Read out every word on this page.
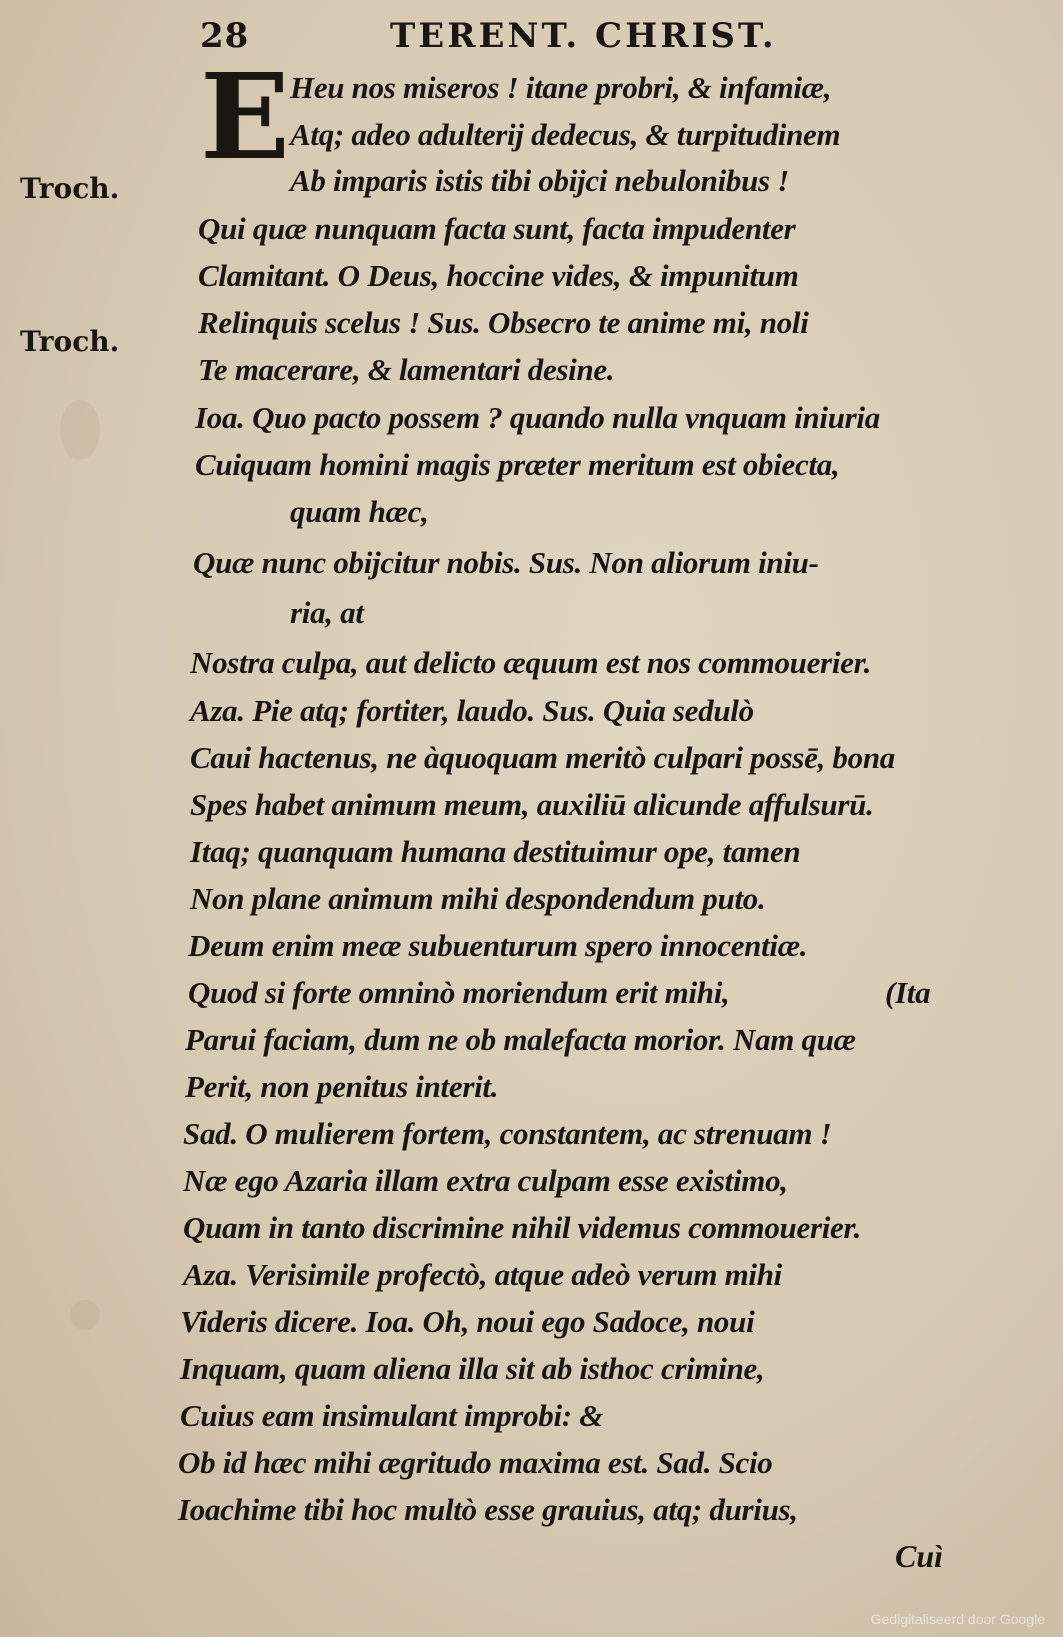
28	TERENT. CHRIST.
E
Troch.
Troch.
Heu nos miseros ! itane probri, & infamiæ,
Atq; adeo adulterij dedecus, & turpitudinem
Ab imparis istis tibi obijci nebulonibus !
Qui quæ nunquam facta sunt, facta impudenter
Clamitant. O Deus, hoccine vides, & impunitum
Relinquis scelus ! Sus. Obsecro te anime mi, noli
Te macerare, & lamentari desine.
Ioa. Quo pacto possem ? quando nulla vnquam iniuria
Cuiquam homini magis præter meritum est obiecta,
quam hæc,
Quæ nunc obijcitur nobis. Sus. Non aliorum iniu-
ria, at
Nostra culpa, aut delicto æquum est nos commouerier.
Aza. Pie atq; fortiter, laudo. Sus. Quia sedulò
Caui hactenus, ne àquoquam meritò culpari possē, bona
Spes habet animum meum, auxiliū alicunde affulsurū.
Itaq; quanquam humana destituimur ope, tamen
Non plane animum mihi despondendum puto.
Deum enim meæ subuenturum spero innocentiæ.
Quod si forte omninò moriendum erit mihi,	(Ita
Parui faciam, dum ne ob malefacta morior. Nam quæ
Perit, non penitus interit.
Sad. O mulierem fortem, constantem, ac strenuam !
Næ ego Azaria illam extra culpam esse existimo,
Quam in tanto discrimine nihil videmus commouerier.
Aza. Verisimile profectò, atque adeò verum mihi
Videris dicere. Ioa. Oh, noui ego Sadoce, noui
Inquam, quam aliena illa sit ab isthoc crimine,
Cuius eam insimulant improbi: &
Ob id hæc mihi ægritudo maxima est. Sad. Scio
Ioachime tibi hoc multò esse grauius, atq; durius,
Cuì
Gedigitaliseerd door Google
